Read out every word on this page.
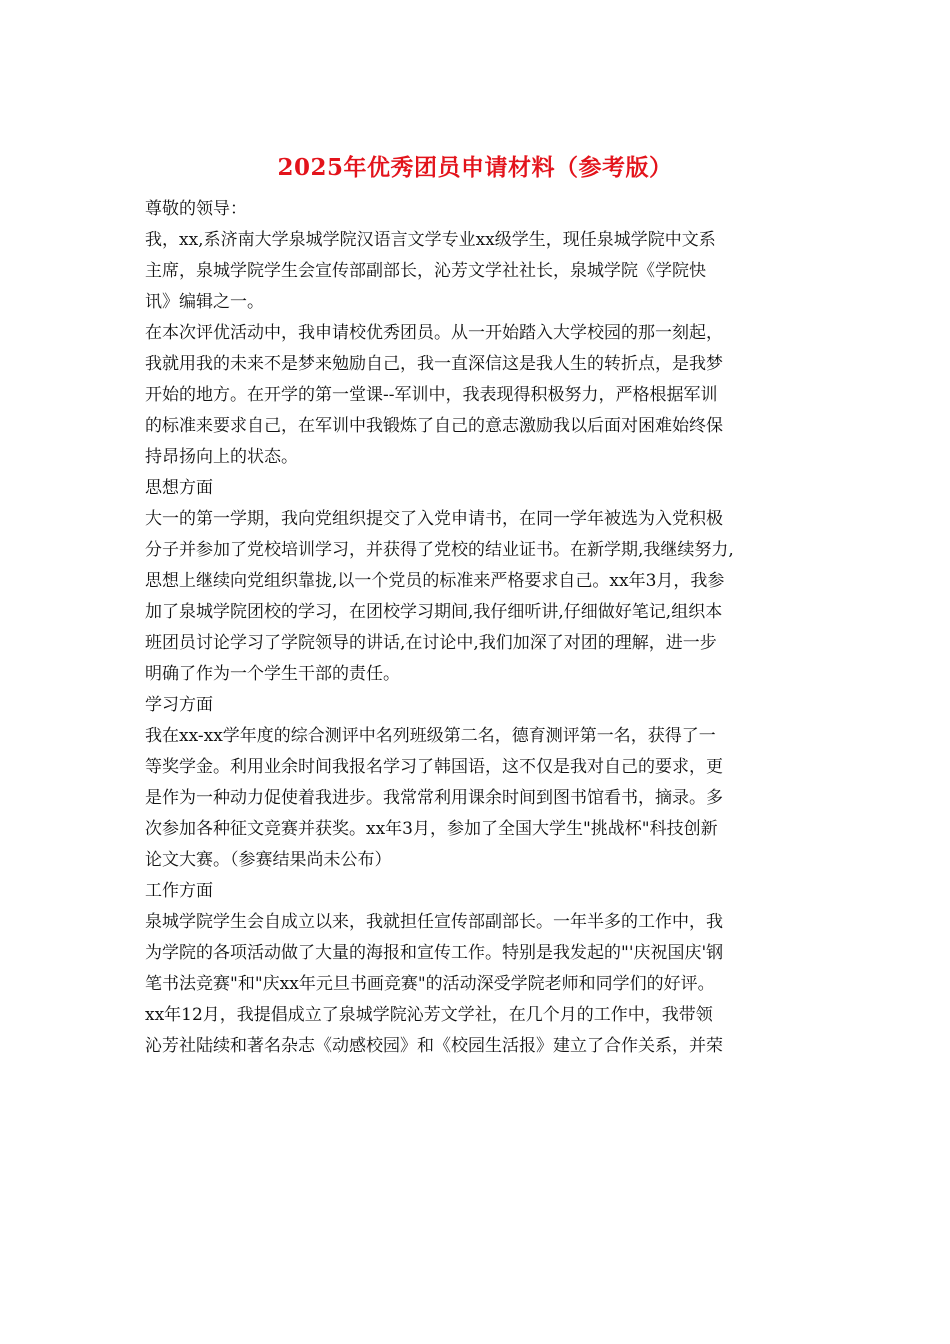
2025年优秀团员申请材料（参考版）
尊敬的领导：
我，xx,系济南大学泉城学院汉语言文学专业xx级学生，现任泉城学院中文系
主席，泉城学院学生会宣传部副部长，沁芳文学社社长，泉城学院《学院快
讯》编辑之一。
在本次评优活动中，我申请校优秀团员。从一开始踏入大学校园的那一刻起，
我就用我的未来不是梦来勉励自己，我一直深信这是我人生的转折点，是我梦
开始的地方。在开学的第一堂课--军训中，我表现得积极努力，严格根据军训
的标准来要求自己，在军训中我锻炼了自己的意志激励我以后面对困难始终保
持昂扬向上的状态。
思想方面
大一的第一学期，我向党组织提交了入党申请书，在同一学年被选为入党积极
分子并参加了党校培训学习，并获得了党校的结业证书。在新学期,我继续努力,
思想上继续向党组织靠拢,以一个党员的标准来严格要求自己。xx年3月，我参
加了泉城学院团校的学习，在团校学习期间,我仔细听讲,仔细做好笔记,组织本
班团员讨论学习了学院领导的讲话,在讨论中,我们加深了对团的理解，进一步
明确了作为一个学生干部的责任。
学习方面
我在xx-xx学年度的综合测评中名列班级第二名，德育测评第一名，获得了一
等奖学金。利用业余时间我报名学习了韩国语，这不仅是我对自己的要求，更
是作为一种动力促使着我进步。我常常利用课余时间到图书馆看书，摘录。多
次参加各种征文竞赛并获奖。xx年3月，参加了全国大学生"挑战杯"科技创新
论文大赛。（参赛结果尚未公布）
工作方面
泉城学院学生会自成立以来，我就担任宣传部副部长。一年半多的工作中，我
为学院的各项活动做了大量的海报和宣传工作。特别是我发起的"'庆祝国庆'钢
笔书法竞赛"和"庆xx年元旦书画竞赛"的活动深受学院老师和同学们的好评。
xx年12月，我提倡成立了泉城学院沁芳文学社，在几个月的工作中，我带领
沁芳社陆续和著名杂志《动感校园》和《校园生活报》建立了合作关系，并荣
